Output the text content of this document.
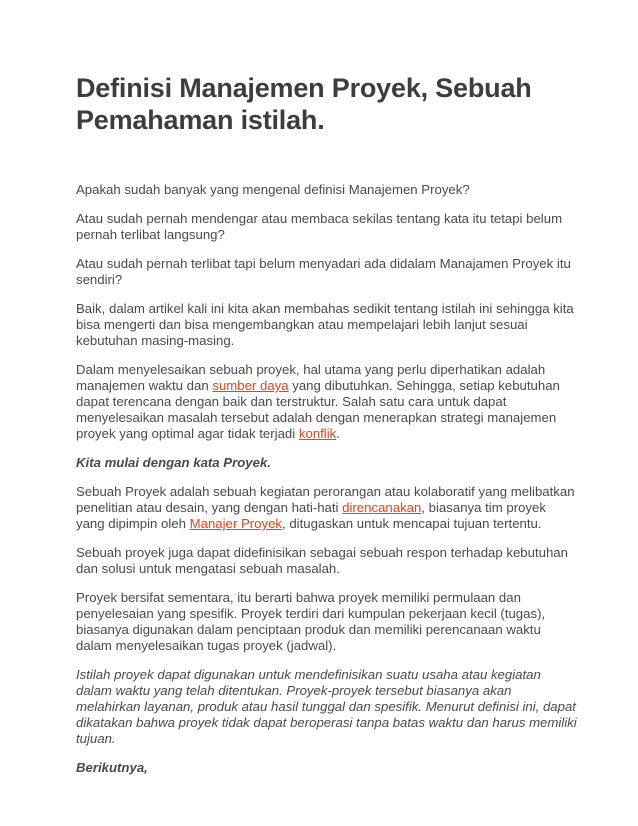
Definisi Manajemen Proyek, Sebuah
Pemahaman istilah.

Apakah sudah banyak yang mengenal definisi Manajemen Proyek?

Atau sudah pernah mendengar atau membaca sekilas tentang kata itu tetapi belum pernah terlibat langsung?

Atau sudah pernah terlibat tapi belum menyadari ada didalam Manajamen Proyek itu sendiri?

Baik, dalam artikel kali ini kita akan membahas sedikit tentang istilah ini sehingga kita bisa mengerti dan bisa mengembangkan atau mempelajari lebih lanjut sesuai kebutuhan masing-masing.

Dalam menyelesaikan sebuah proyek, hal utama yang perlu diperhatikan adalah manajemen waktu dan sumber daya yang dibutuhkan. Sehingga, setiap kebutuhan dapat terencana dengan baik dan terstruktur. Salah satu cara untuk dapat menyelesaikan masalah tersebut adalah dengan menerapkan strategi manajemen proyek yang optimal agar tidak terjadi konflik.

Kita mulai dengan kata Proyek.

Sebuah Proyek adalah sebuah kegiatan perorangan atau kolaboratif yang melibatkan penelitian atau desain, yang dengan hati-hati direncanakan, biasanya tim proyek yang dipimpin oleh Manajer Proyek, ditugaskan untuk mencapai tujuan tertentu.

Sebuah proyek juga dapat didefinisikan sebagai sebuah respon terhadap kebutuhan dan solusi untuk mengatasi sebuah masalah.

Proyek bersifat sementara, itu berarti bahwa proyek memiliki permulaan dan penyelesaian yang spesifik. Proyek terdiri dari kumpulan pekerjaan kecil (tugas), biasanya digunakan dalam penciptaan produk dan memiliki perencanaan waktu dalam menyelesaikan tugas proyek (jadwal).

Istilah proyek dapat digunakan untuk mendefinisikan suatu usaha atau kegiatan dalam waktu yang telah ditentukan. Proyek-proyek tersebut biasanya akan melahirkan layanan, produk atau hasil tunggal dan spesifik. Menurut definisi ini, dapat dikatakan bahwa proyek tidak dapat beroperasi tanpa batas waktu dan harus memiliki tujuan.

Berikutnya,
